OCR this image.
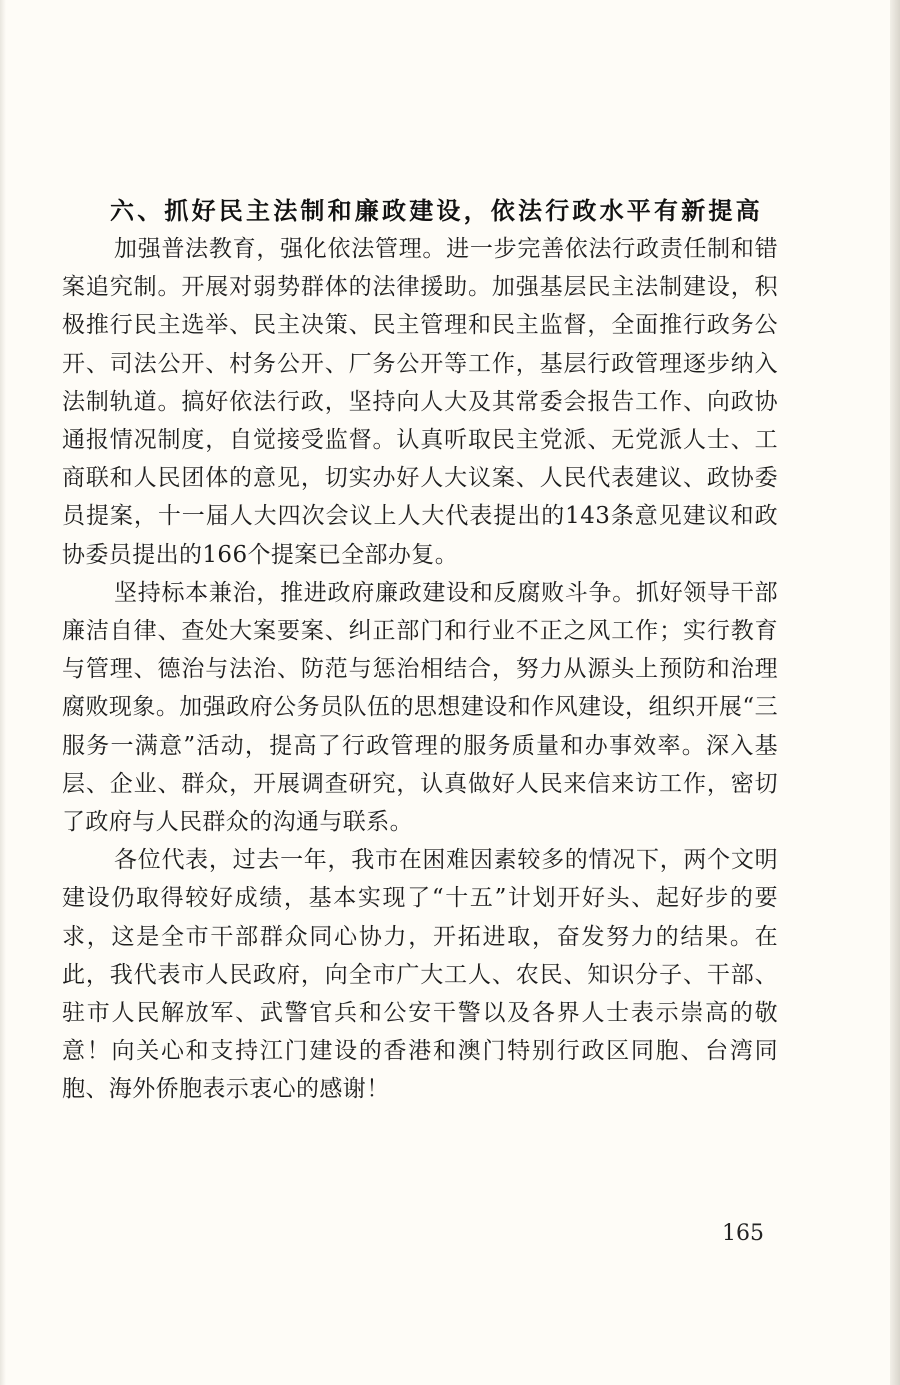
六、抓好民主法制和廉政建设，依法行政水平有新提高

加强普法教育，强化依法管理。进一步完善依法行政责任制和错案追究制。开展对弱势群体的法律援助。加强基层民主法制建设，积极推行民主选举、民主决策、民主管理和民主监督，全面推行政务公开、司法公开、村务公开、厂务公开等工作，基层行政管理逐步纳入法制轨道。搞好依法行政，坚持向人大及其常委会报告工作、向政协通报情况制度，自觉接受监督。认真听取民主党派、无党派人士、工商联和人民团体的意见，切实办好人大议案、人民代表建议、政协委员提案，十一届人大四次会议上人大代表提出的143条意见建议和政协委员提出的166个提案已全部办复。

坚持标本兼治，推进政府廉政建设和反腐败斗争。抓好领导干部廉洁自律、查处大案要案、纠正部门和行业不正之风工作；实行教育与管理、德治与法治、防范与惩治相结合，努力从源头上预防和治理腐败现象。加强政府公务员队伍的思想建设和作风建设，组织开展“三服务一满意”活动，提高了行政管理的服务质量和办事效率。深入基层、企业、群众，开展调查研究，认真做好人民来信来访工作，密切了政府与人民群众的沟通与联系。

各位代表，过去一年，我市在困难因素较多的情况下，两个文明建设仍取得较好成绩，基本实现了“十五”计划开好头、起好步的要求，这是全市干部群众同心协力，开拓进取，奋发努力的结果。在此，我代表市人民政府，向全市广大工人、农民、知识分子、干部、驻市人民解放军、武警官兵和公安干警以及各界人士表示崇高的敬意！向关心和支持江门建设的香港和澳门特别行政区同胞、台湾同胞、海外侨胞表示衷心的感谢！

165
